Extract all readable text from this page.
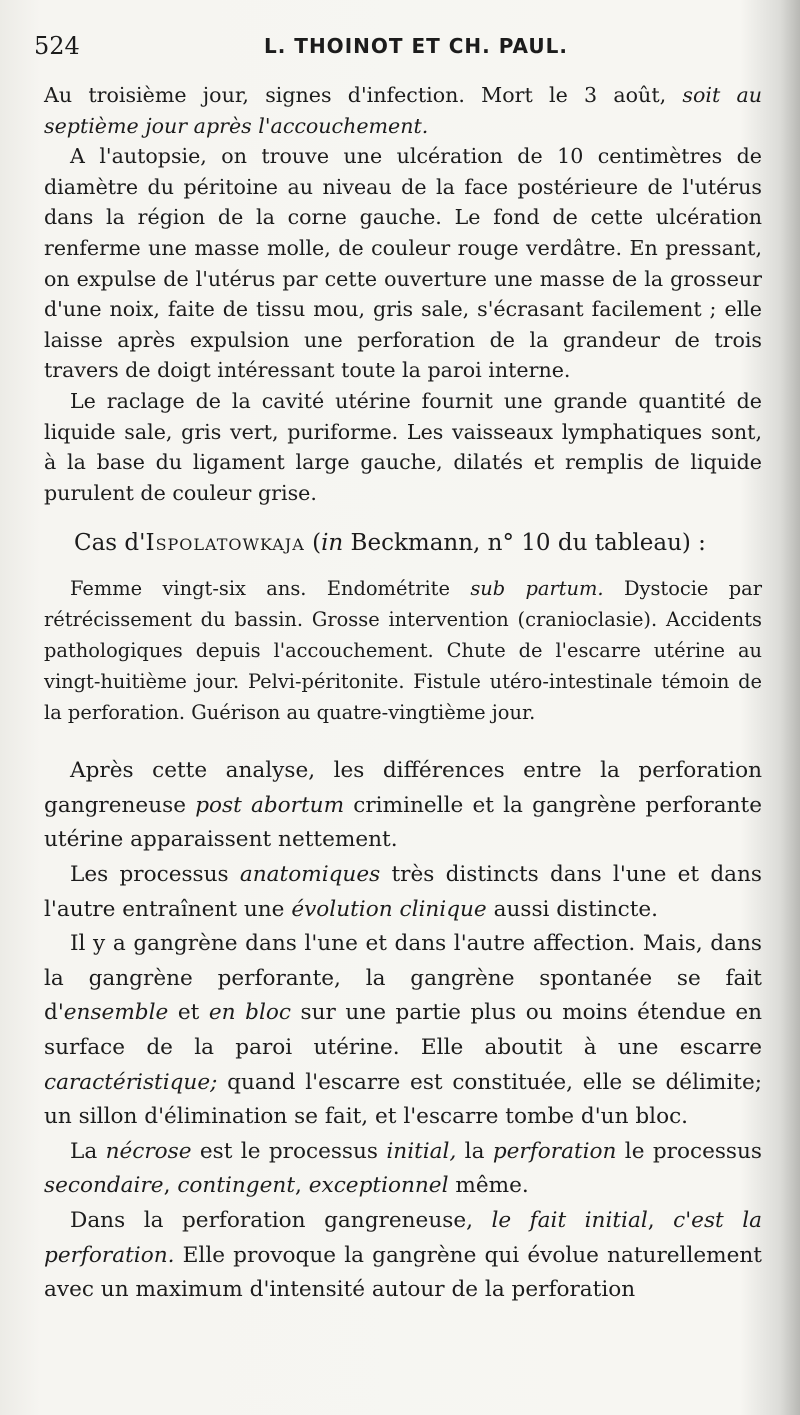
524	L. THOINOT ET CH. PAUL.

Au troisième jour, signes d'infection. Mort le 3 août, soit au septième jour après l'accouchement.

A l'autopsie, on trouve une ulcération de 10 centimètres de diamètre du péritoine au niveau de la face postérieure de l'utérus dans la région de la corne gauche. Le fond de cette ulcération renferme une masse molle, de couleur rouge verdâtre. En pressant, on expulse de l'utérus par cette ouverture une masse de la grosseur d'une noix, faite de tissu mou, gris sale, s'écrasant facilement ; elle laisse après expulsion une perforation de la grandeur de trois travers de doigt intéressant toute la paroi interne.

Le raclage de la cavité utérine fournit une grande quantité de liquide sale, gris vert, puriforme. Les vaisseaux lymphatiques sont, à la base du ligament large gauche, dilatés et remplis de liquide purulent de couleur grise.

Cas d'Ispolatowkaja (in Beckmann, n° 10 du tableau) :

Femme vingt-six ans. Endométrite sub partum. Dystocie par rétrécissement du bassin. Grosse intervention (cranioclasie). Accidents pathologiques depuis l'accouchement. Chute de l'escarre utérine au vingt-huitième jour. Pelvi-péritonite. Fistule utéro-intestinale témoin de la perforation. Guérison au quatre-vingtième jour.

Après cette analyse, les différences entre la perforation gangreneuse post abortum criminelle et la gangrène perforante utérine apparaissent nettement.

Les processus anatomiques très distincts dans l'une et dans l'autre entraînent une évolution clinique aussi distincte.

Il y a gangrène dans l'une et dans l'autre affection. Mais, dans la gangrène perforante, la gangrène spontanée se fait d'ensemble et en bloc sur une partie plus ou moins étendue en surface de la paroi utérine. Elle aboutit à une escarre caractéristique; quand l'escarre est constituée, elle se délimite; un sillon d'élimination se fait, et l'escarre tombe d'un bloc.

La nécrose est le processus initial, la perforation le processus secondaire, contingent, exceptionnel même.

Dans la perforation gangreneuse, le fait initial, c'est la perforation. Elle provoque la gangrène qui évolue naturellement avec un maximum d'intensité autour de la perforation
